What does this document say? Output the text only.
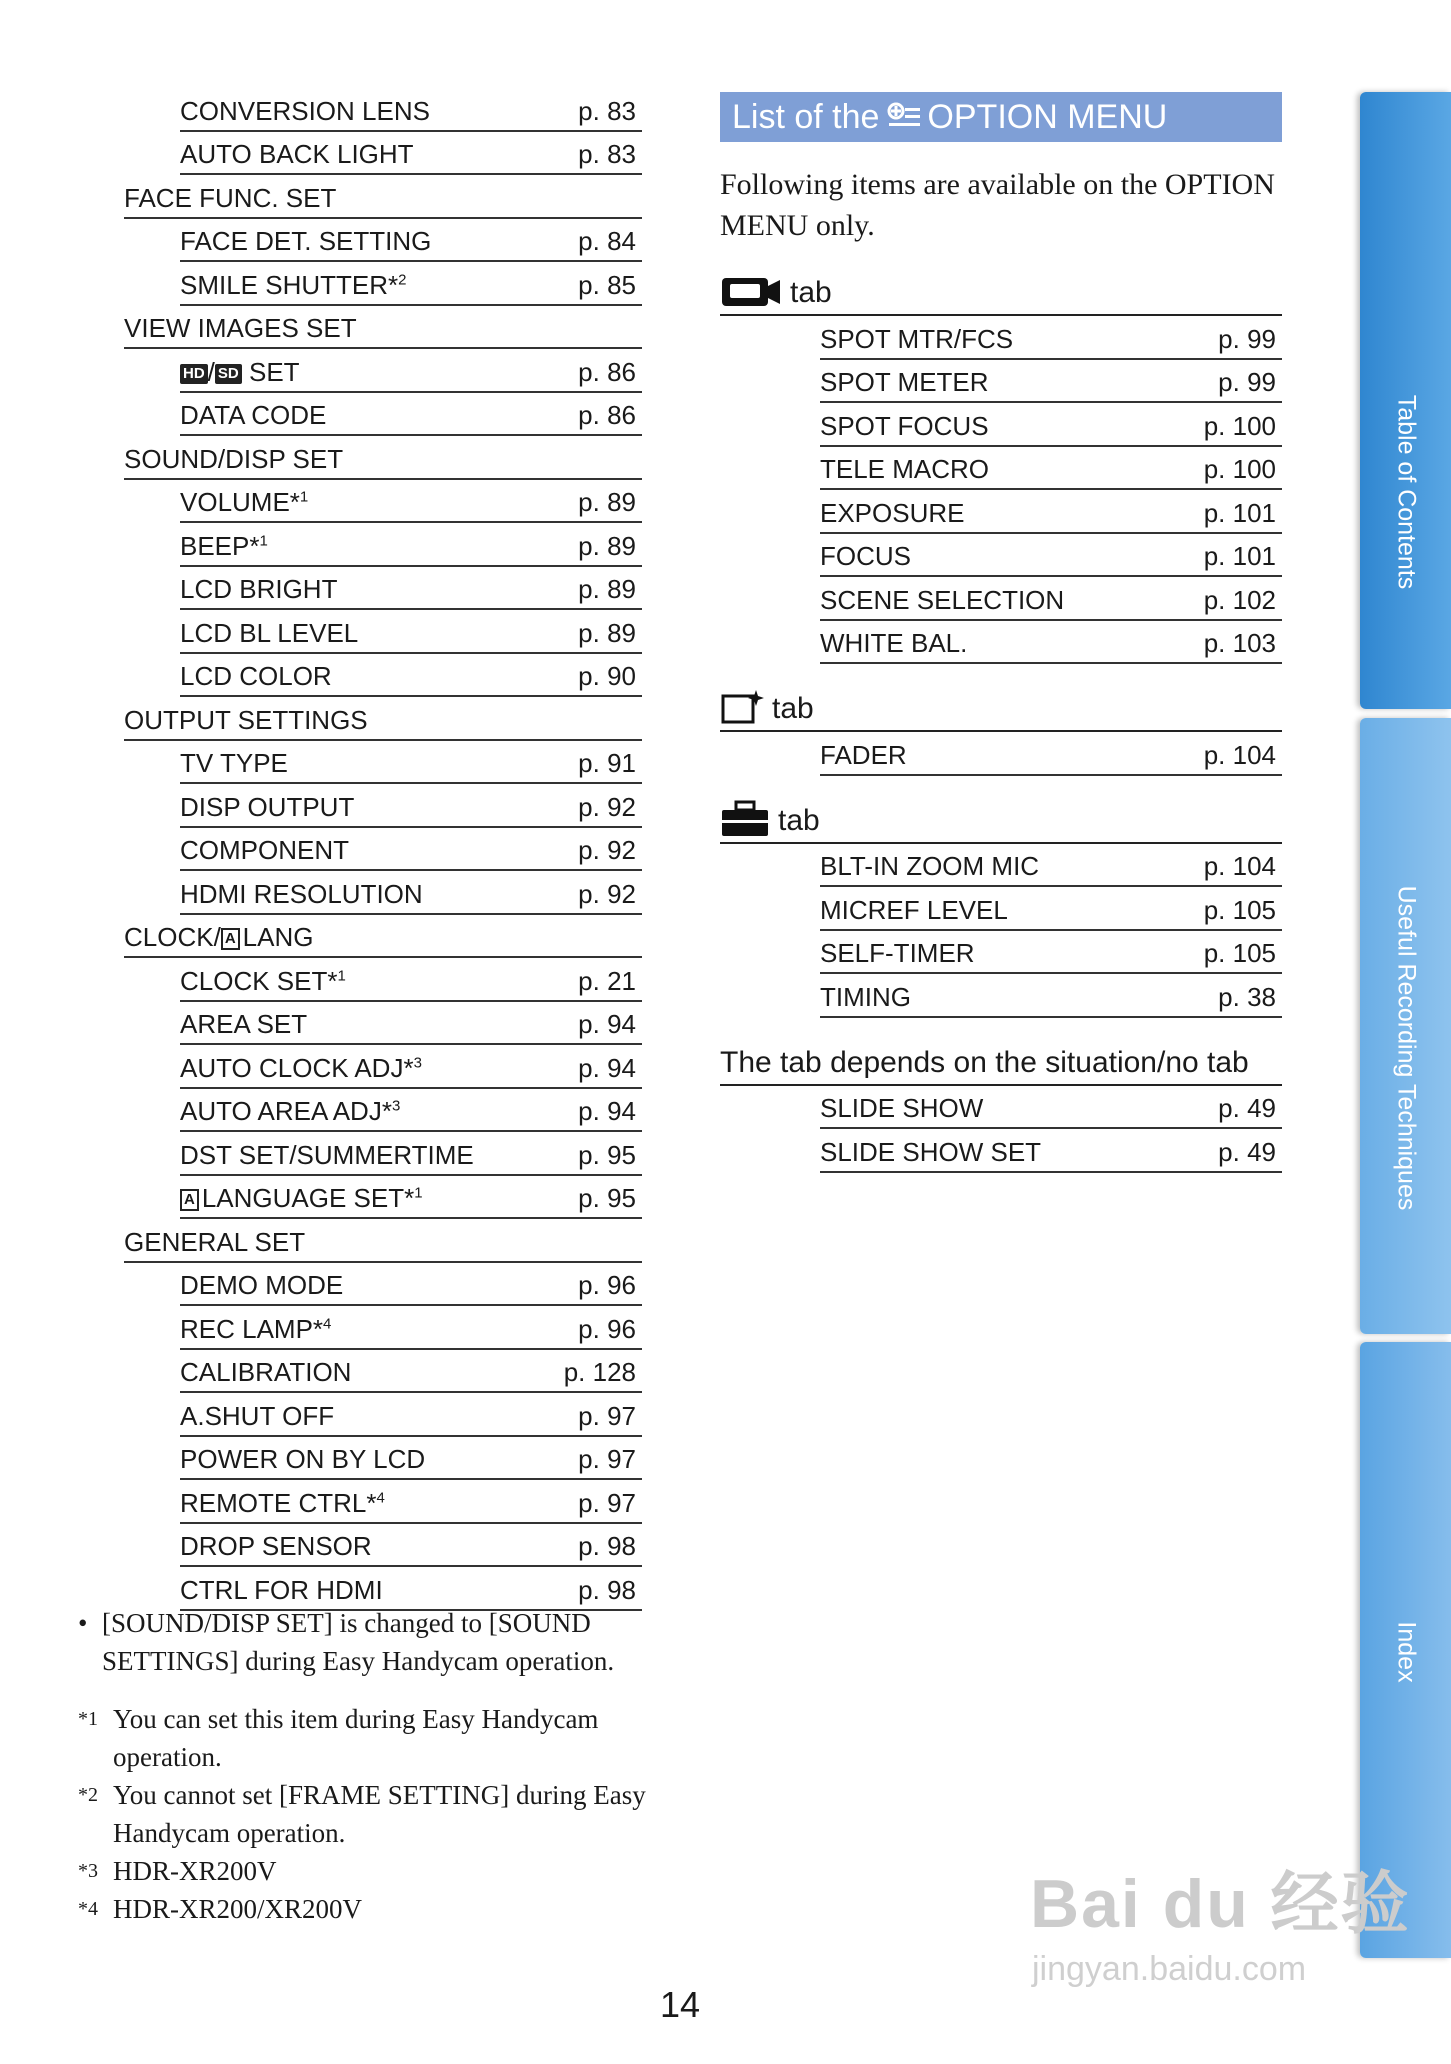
CONVERSION LENS	p. 83
AUTO BACK LIGHT	p. 83
FACE FUNC. SET
FACE DET. SETTING	p. 84
SMILE SHUTTER*$^2$	p. 85
VIEW IMAGES SET
HD / SD SET	p. 86
DATA CODE	p. 86
SOUND/DISP SET
VOLUME*$^1$	p. 89
BEEP*$^1$	p. 89
LCD BRIGHT	p. 89
LCD BL LEVEL	p. 89
LCD COLOR	p. 90
OUTPUT SETTINGS
TV TYPE	p. 91
DISP OUTPUT	p. 92
COMPONENT	p. 92
HDMI RESOLUTION	p. 92
CLOCK/ A LANG
CLOCK SET*$^1$	p. 21
AREA SET	p. 94
AUTO CLOCK ADJ*$^3$	p. 94
AUTO AREA ADJ*$^3$	p. 94
DST SET/SUMMERTIME	p. 95
A LANGUAGE SET*$^1$	p. 95
GENERAL SET
DEMO MODE	p. 96
REC LAMP*$^4$	p. 96
CALIBRATION	p. 128
A.SHUT OFF	p. 97
POWER ON BY LCD	p. 97
REMOTE CTRL*$^4$	p. 97
DROP SENSOR	p. 98
CTRL FOR HDMI	p. 98
List of the OPTION MENU
Following items are available on the OPTION MENU only.
tab
SPOT MTR/FCS	p. 99
SPOT METER	p. 99
SPOT FOCUS	p. 100
TELE MACRO	p. 100
EXPOSURE	p. 101
FOCUS	p. 101
SCENE SELECTION	p. 102
WHITE BAL.	p. 103
tab
FADER	p. 104
tab
BLT-IN ZOOM MIC	p. 104
MICREF LEVEL	p. 105
SELF-TIMER	p. 105
TIMING	p. 38
The tab depends on the situation/no tab
SLIDE SHOW	p. 49
SLIDE SHOW SET	p. 49
• [SOUND/DISP SET] is changed to [SOUND SETTINGS] during Easy Handycam operation.
*1 You can set this item during Easy Handycam operation.
*2 You cannot set [FRAME SETTING] during Easy Handycam operation.
*3 HDR-XR200V
*4 HDR-XR200/XR200V
14
Table of Contents
Useful Recording Techniques
Index
Bai du 经验
jingyan.baidu.com
